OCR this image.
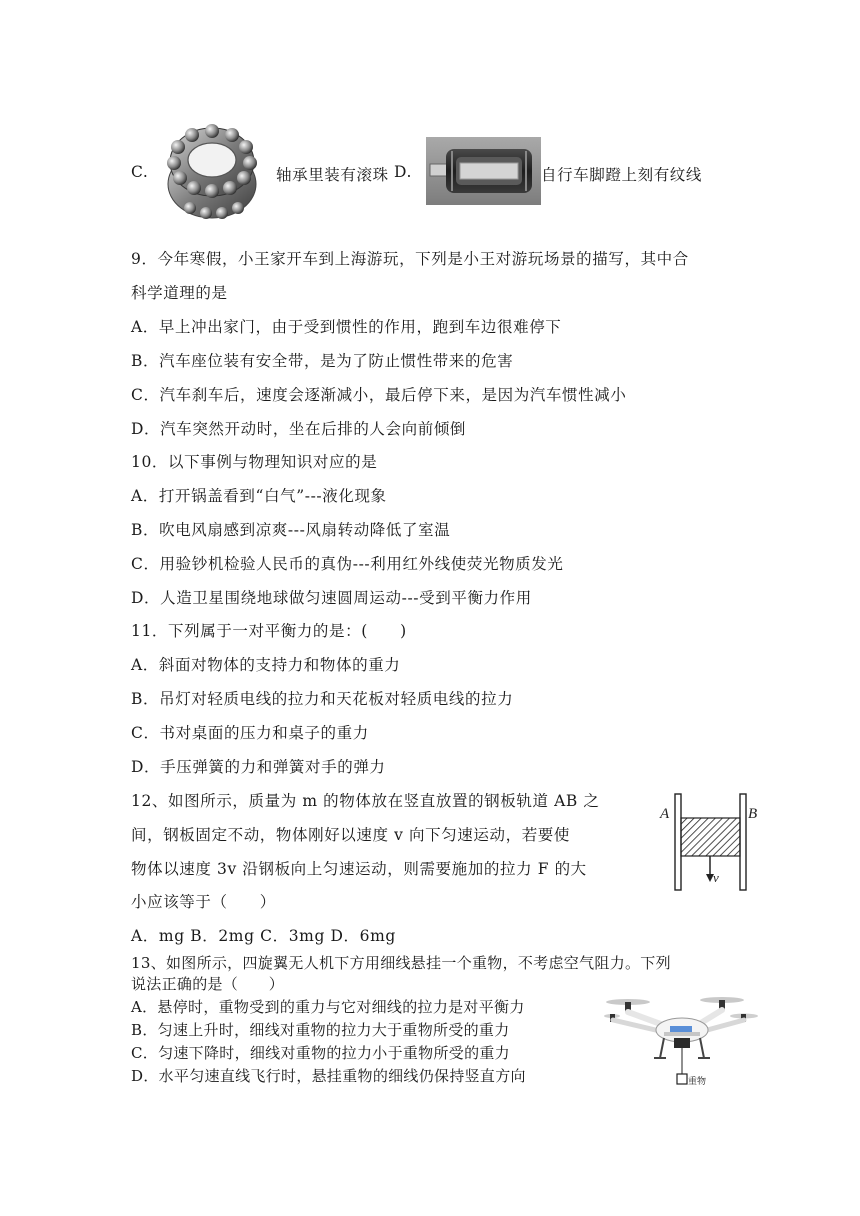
C.	轴承里装有滚珠 D.	自行车脚蹬上刻有纹线
9．今年寒假，小王家开车到上海游玩，下列是小王对游玩场景的描写，其中合
科学道理的是
A．早上冲出家门，由于受到惯性的作用，跑到车边很难停下
B．汽车座位装有安全带，是为了防止惯性带来的危害
C．汽车刹车后，速度会逐渐减小，最后停下来，是因为汽车惯性减小
D．汽车突然开动时，坐在后排的人会向前倾倒
10．以下事例与物理知识对应的是
A．打开锅盖看到“白气”---液化现象
B．吹电风扇感到凉爽---风扇转动降低了室温
C．用验钞机检验人民币的真伪---利用红外线使荧光物质发光
D．人造卫星围绕地球做匀速圆周运动---受到平衡力作用
11．下列属于一对平衡力的是：(　　)
A．斜面对物体的支持力和物体的重力
B．吊灯对轻质电线的拉力和天花板对轻质电线的拉力
C．书对桌面的压力和桌子的重力
D．手压弹簧的力和弹簧对手的弹力
12、如图所示，质量为 m 的物体放在竖直放置的钢板轨道 AB 之
间，钢板固定不动，物体刚好以速度 v 向下匀速运动，若要使
物体以速度 3v 沿钢板向上匀速运动，则需要施加的拉力 F 的大
小应该等于（　　）
A．mg B．2mg C．3mg D．6mg
A	B
v
13、如图所示，四旋翼无人机下方用细线悬挂一个重物，不考虑空气阻力。下列
说法正确的是（　　）
A．悬停时，重物受到的重力与它对细线的拉力是对平衡力
B．匀速上升时，细线对重物的拉力大于重物所受的重力
C．匀速下降时，细线对重物的拉力小于重物所受的重力
D．水平匀速直线飞行时，悬挂重物的细线仍保持竖直方向	重物
